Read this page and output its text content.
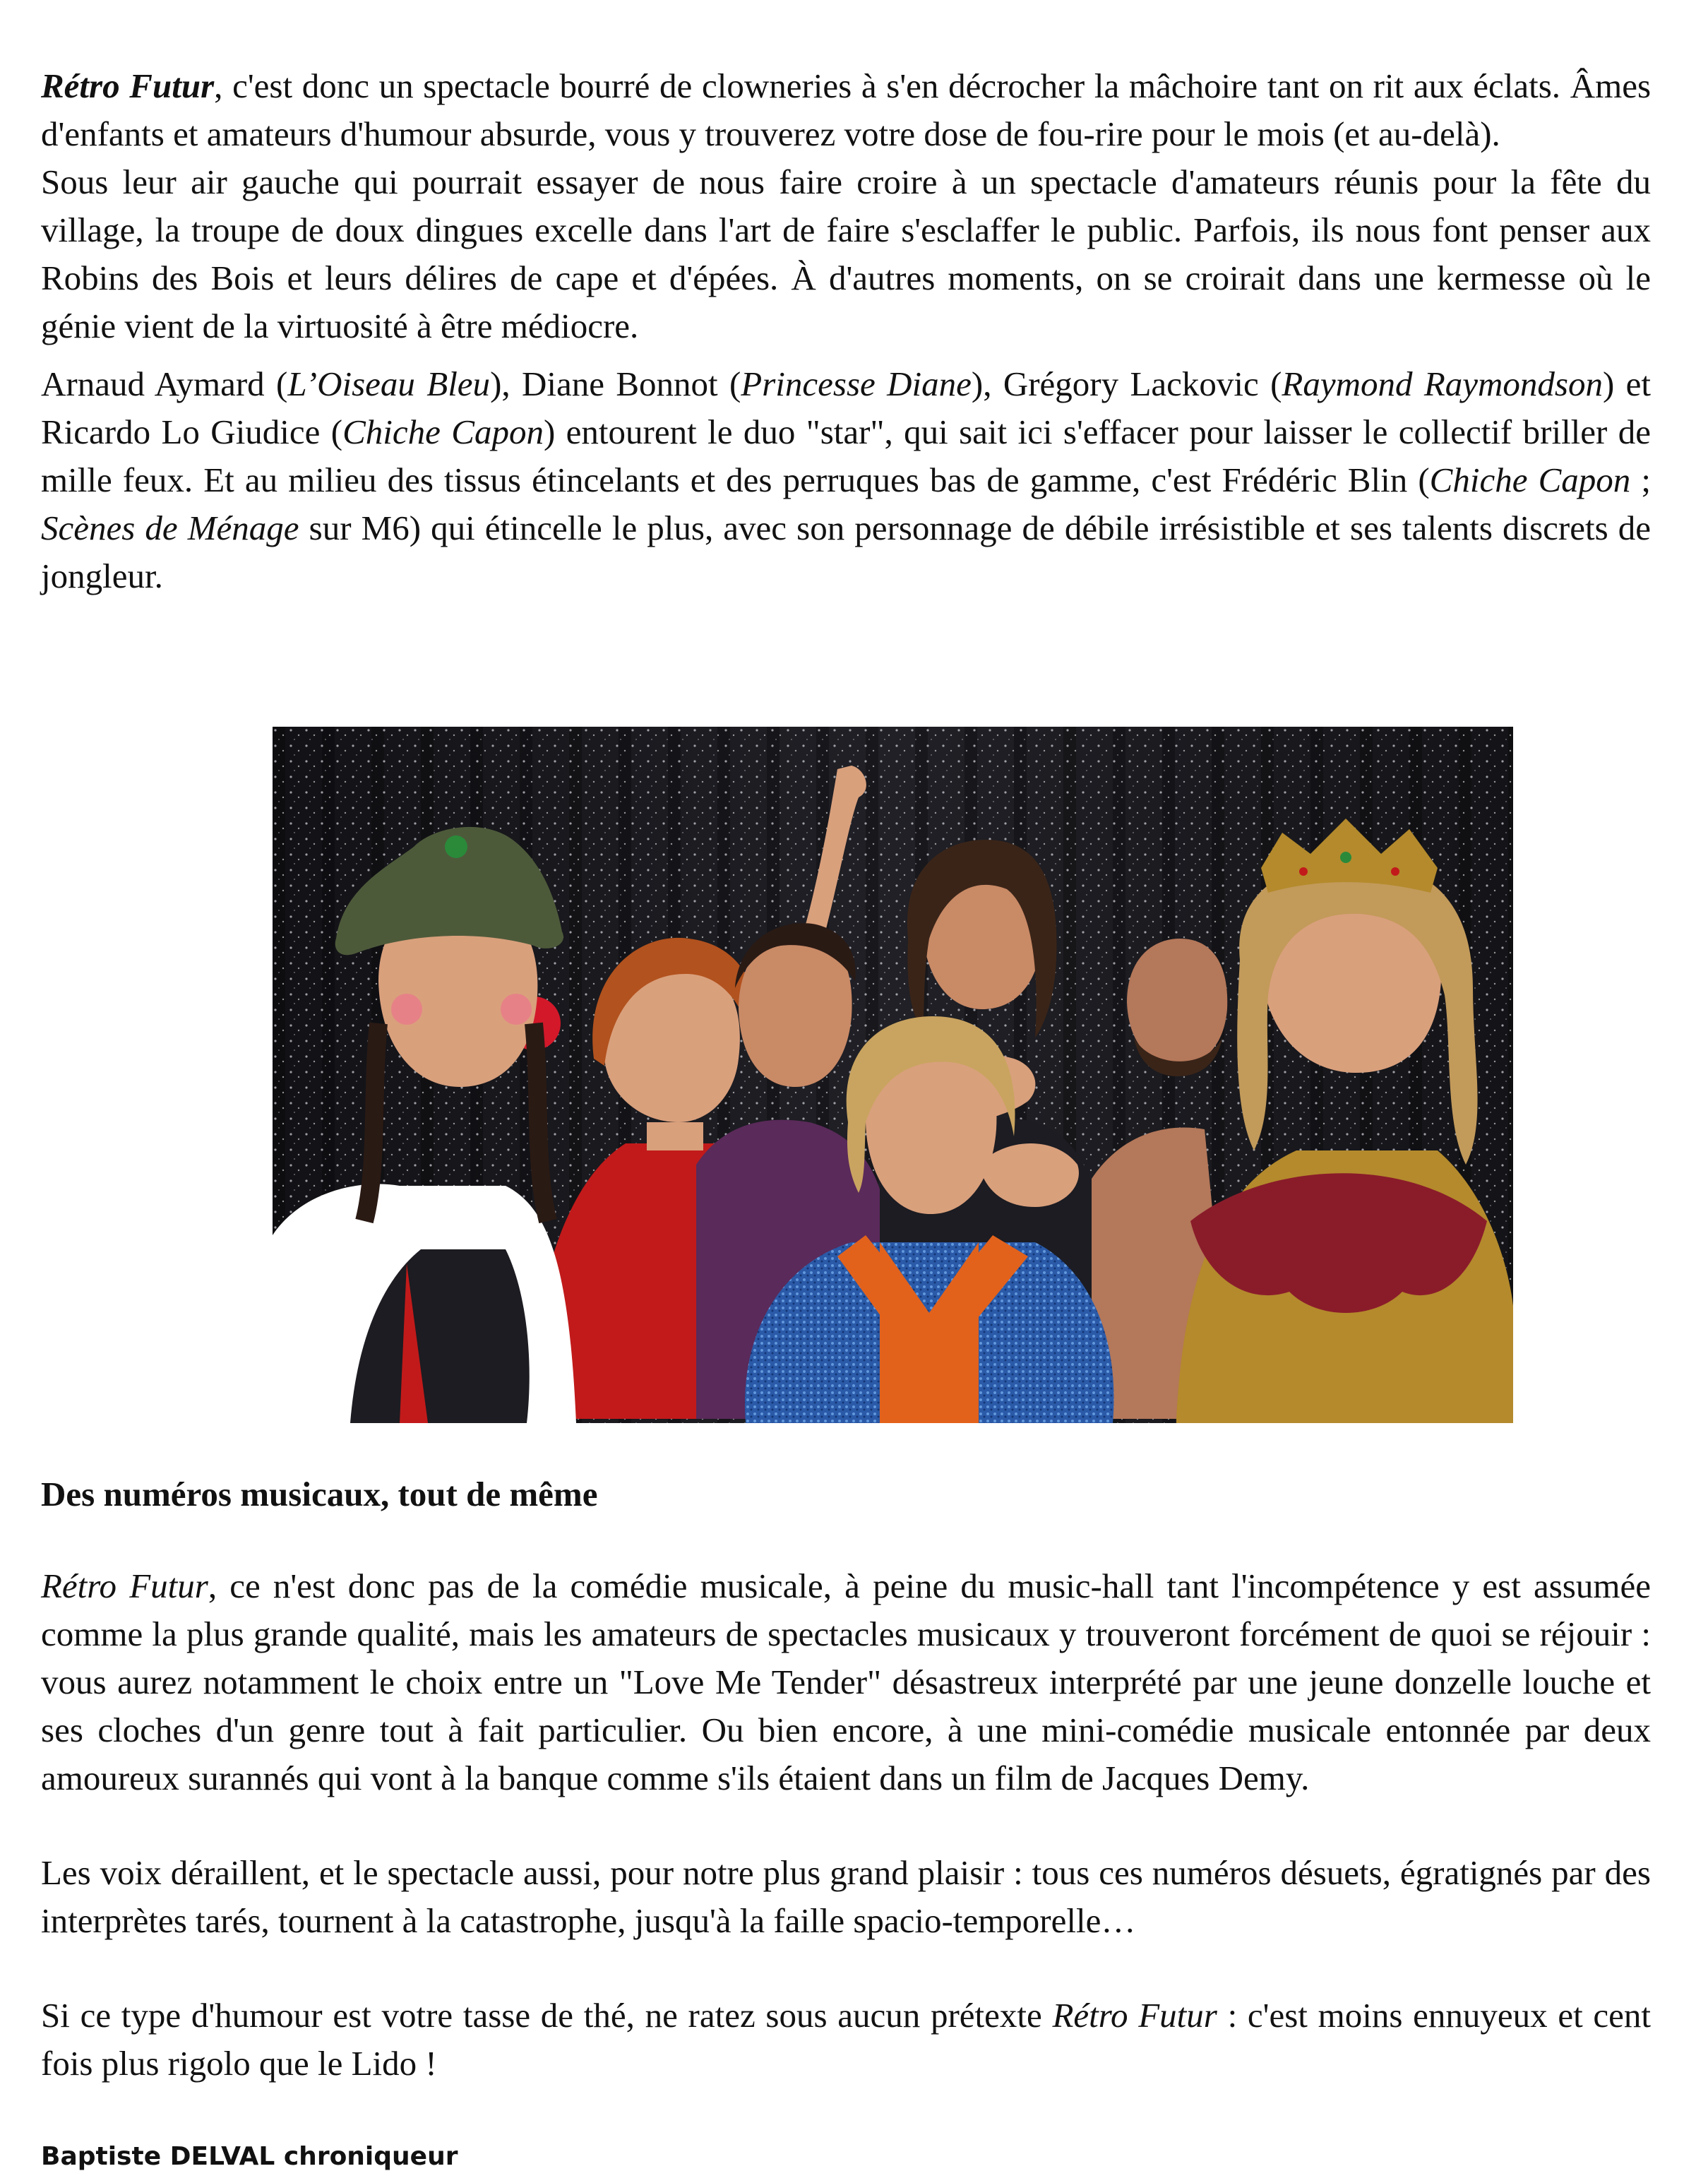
Rétro Futur, c'est donc un spectacle bourré de clowneries à s'en décrocher la mâchoire tant on rit aux éclats. Âmes d'enfants et amateurs d'humour absurde, vous y trouverez votre dose de fou-rire pour le mois (et au-delà).

Sous leur air gauche qui pourrait essayer de nous faire croire à un spectacle d'amateurs réunis pour la fête du village, la troupe de doux dingues excelle dans l'art de faire s'esclaffer le public. Parfois, ils nous font penser aux Robins des Bois et leurs délires de cape et d'épées. À d'autres moments, on se croirait dans une kermesse où le génie vient de la virtuosité à être médiocre.

Arnaud Aymard (L’Oiseau Bleu), Diane Bonnot (Princesse Diane), Grégory Lackovic (Raymond Raymondson) et Ricardo Lo Giudice (Chiche Capon) entourent le duo "star", qui sait ici s'effacer pour laisser le collectif briller de mille feux. Et au milieu des tissus étincelants et des perruques bas de gamme, c'est Frédéric Blin (Chiche Capon ; Scènes de Ménage sur M6) qui étincelle le plus, avec son personnage de débile irrésistible et ses talents discrets de jongleur.

Des numéros musicaux, tout de même

Rétro Futur, ce n'est donc pas de la comédie musicale, à peine du music-hall tant l'incompétence y est assumée comme la plus grande qualité, mais les amateurs de spectacles musicaux y trouveront forcément de quoi se réjouir : vous aurez notamment le choix entre un "Love Me Tender" désastreux interprété par une jeune donzelle louche et ses cloches d'un genre tout à fait particulier. Ou bien encore, à une mini-comédie musicale entonnée par deux amoureux surannés qui vont à la banque comme s'ils étaient dans un film de Jacques Demy.

Les voix déraillent, et le spectacle aussi, pour notre plus grand plaisir : tous ces numéros désuets, égratignés par des interprètes tarés, tournent à la catastrophe, jusqu'à la faille spacio-temporelle…

Si ce type d'humour est votre tasse de thé, ne ratez sous aucun prétexte Rétro Futur : c'est moins ennuyeux et cent fois plus rigolo que le Lido !

Baptiste DELVAL chroniqueur
